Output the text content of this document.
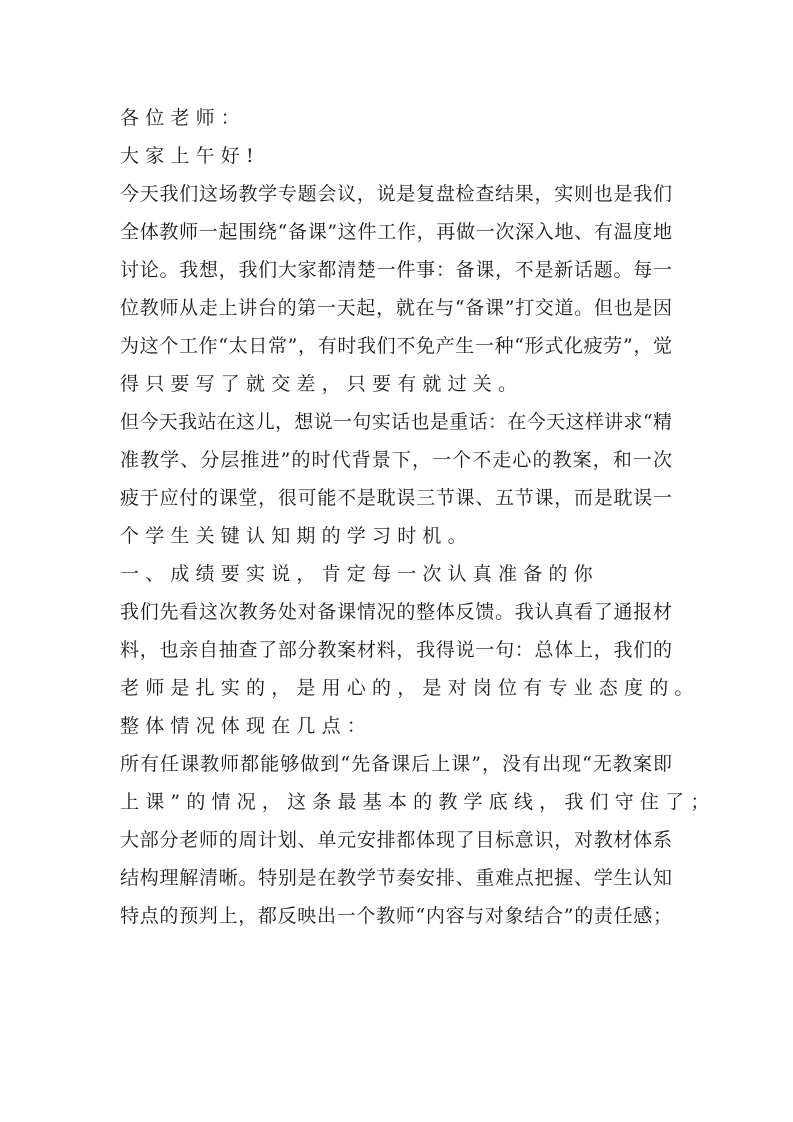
各位老师：
大家上午好!
今天我们这场教学专题会议，说是复盘检查结果，实则也是我们
全体教师一起围绕“备课”这件工作，再做一次深入地、有温度地
讨论。我想，我们大家都清楚一件事：备课，不是新话题。每一
位教师从走上讲台的第一天起，就在与“备课”打交道。但也是因
为这个工作“太日常”，有时我们不免产生一种“形式化疲劳”，觉
得只要写了就交差，只要有就过关。
但今天我站在这儿，想说一句实话也是重话：在今天这样讲求“精
准教学、分层推进”的时代背景下，一个不走心的教案，和一次
疲于应付的课堂，很可能不是耽误三节课、五节课，而是耽误一
个学生关键认知期的学习时机。
一、成绩要实说，肯定每一次认真准备的你
我们先看这次教务处对备课情况的整体反馈。我认真看了通报材
料，也亲自抽查了部分教案材料，我得说一句：总体上，我们的
老师是扎实的，是用心的，是对岗位有专业态度的。
整体情况体现在几点：
所有任课教师都能够做到“先备课后上课”，没有出现“无教案即
上课”的情况，这条最基本的教学底线，我们守住了；
大部分老师的周计划、单元安排都体现了目标意识，对教材体系
结构理解清晰。特别是在教学节奏安排、重难点把握、学生认知
特点的预判上，都反映出一个教师“内容与对象结合”的责任感；
